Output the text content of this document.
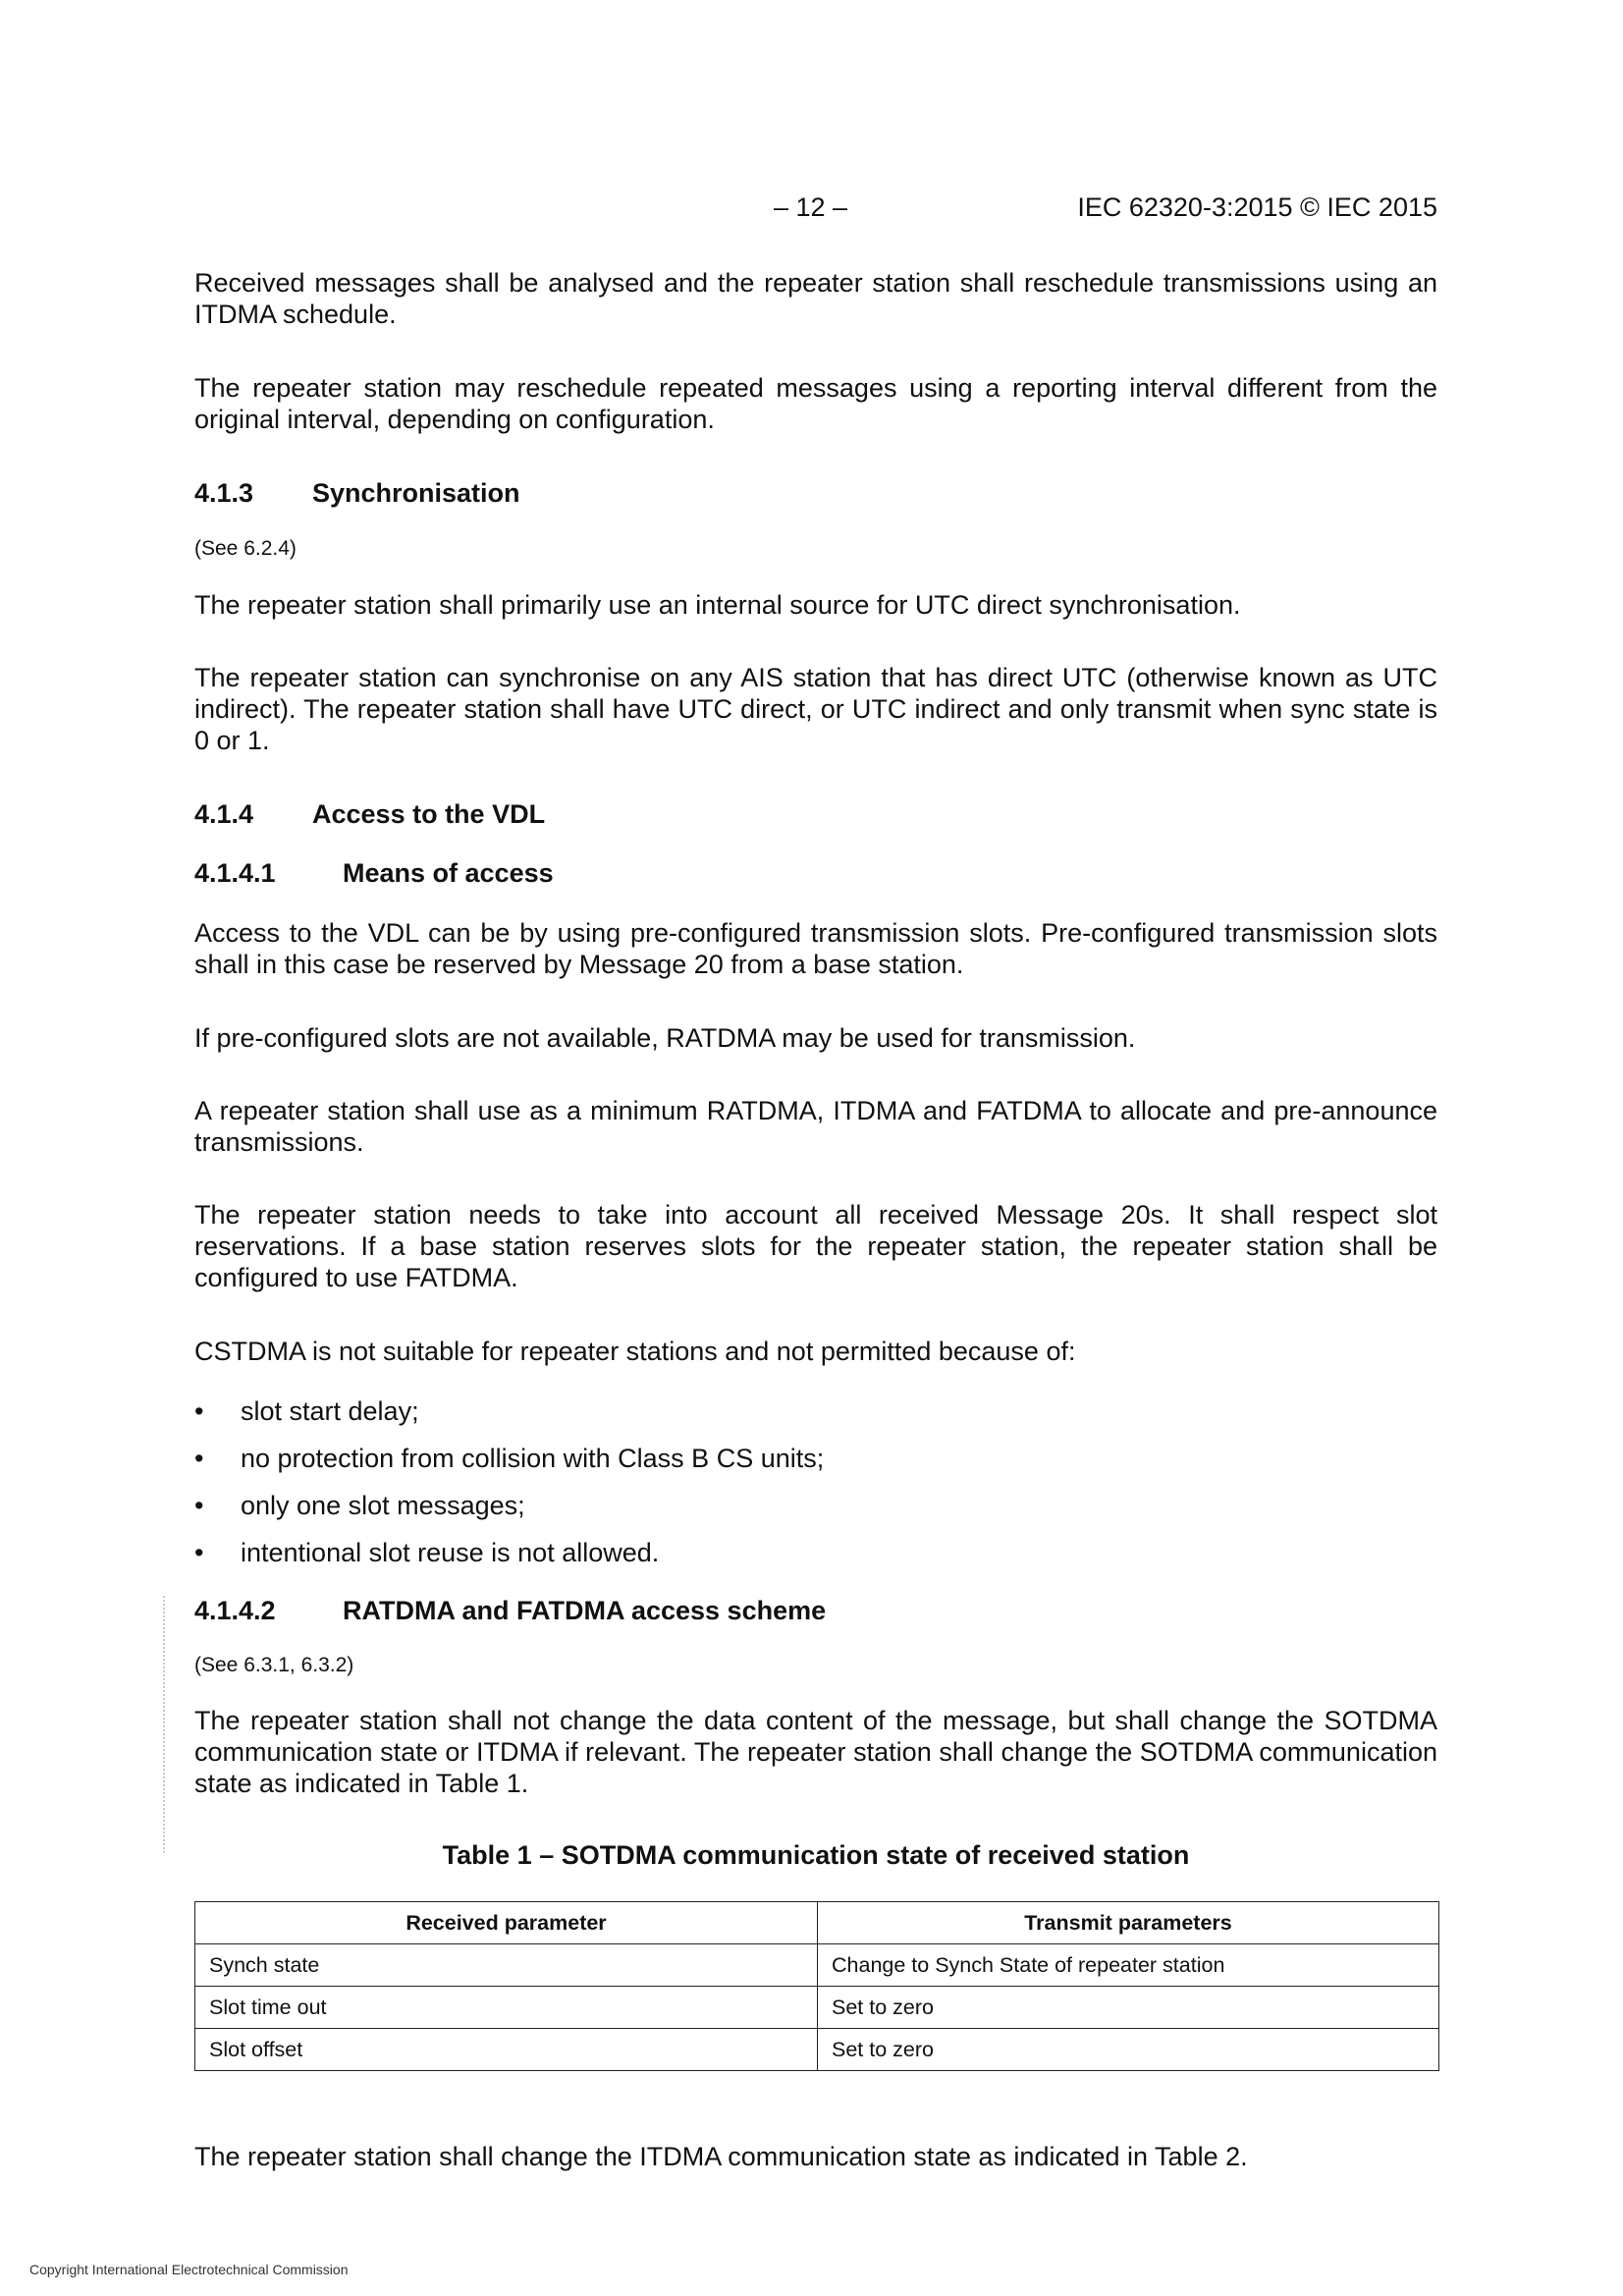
– 12 –	IEC 62320-3:2015 © IEC 2015
Received messages shall be analysed and the repeater station shall reschedule transmissions using an ITDMA schedule.
The repeater station may reschedule repeated messages using a reporting interval different from the original interval, depending on configuration.
4.1.3 Synchronisation
(See 6.2.4)
The repeater station shall primarily use an internal source for UTC direct synchronisation.
The repeater station can synchronise on any AIS station that has direct UTC (otherwise known as UTC indirect). The repeater station shall have UTC direct, or UTC indirect and only transmit when sync state is 0 or 1.
4.1.4 Access to the VDL
4.1.4.1	Means of access
Access to the VDL can be by using pre-configured transmission slots. Pre-configured transmission slots shall in this case be reserved by Message 20 from a base station.
If pre-configured slots are not available, RATDMA may be used for transmission.
A repeater station shall use as a minimum RATDMA, ITDMA and FATDMA to allocate and pre-announce transmissions.
The repeater station needs to take into account all received Message 20s. It shall respect slot reservations. If a base station reserves slots for the repeater station, the repeater station shall be configured to use FATDMA.
CSTDMA is not suitable for repeater stations and not permitted because of:
• slot start delay;
• no protection from collision with Class B CS units;
• only one slot messages;
• intentional slot reuse is not allowed.
4.1.4.2	RATDMA and FATDMA access scheme
(See 6.3.1, 6.3.2)
The repeater station shall not change the data content of the message, but shall change the SOTDMA communication state or ITDMA if relevant. The repeater station shall change the SOTDMA communication state as indicated in Table 1.
Table 1 – SOTDMA communication state of received station
Received parameter	Transmit parameters
Synch state	Change to Synch State of repeater station
Slot time out	Set to zero
Slot offset	Set to zero
The repeater station shall change the ITDMA communication state as indicated in Table 2.
Copyright International Electrotechnical Commission
